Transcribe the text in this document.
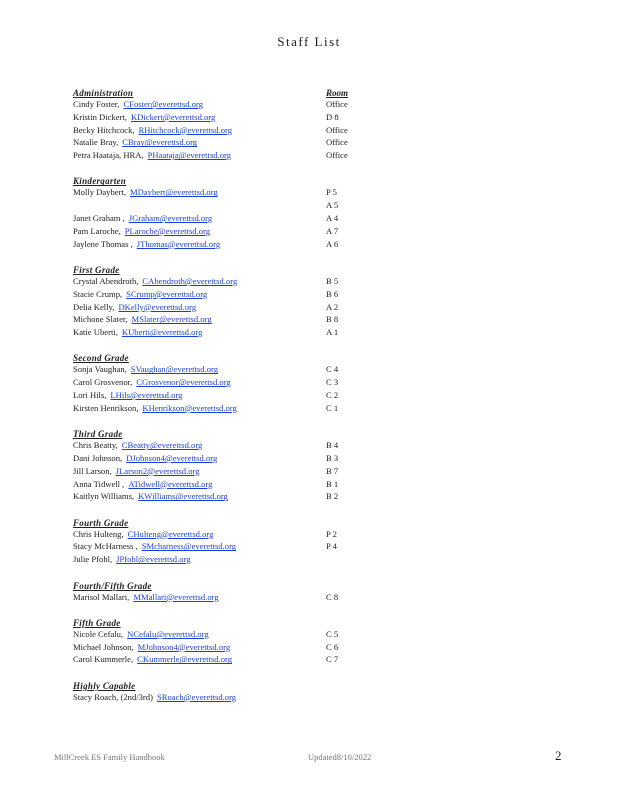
Staff List
Room
Administration
Cindy Foster, CFoster@everettsd.org	Office
Kristin Dickert, KDickert@everettsd.org	D 8
Becky Hitchcock, RHitchcock@everettsd.org	Office
Natalie Bray, CBray@everettsd.org	Office
Petra Haataja, HRA, PHaataja@everettsd.org	Office
Kindergarten
Molly Daybert, MDaybert@everettsd.org	P 5
A 5
Janet Graham , JGraham@everettsd.org	A 4
Pam Laroche, PLaroche@everettsd.org	A 7
Jaylene Thomas , JThomas@everettsd.org	A 6
First Grade
Crystal Abendroth, CAbendroth@everettsd.org	B 5
Stacie Crump, SCrump@everettsd.org	B 6
Delia Kelly, DKelly@everettsd.org	A 2
Michone Slater, MSlater@everettsd.org	B 8
Katie Uberti, KUberti@everettsd.org	A 1
Second Grade
Sonja Vaughan, SVaughan@everettsd.org	C 4
Carol Grosvenor, CGrosvenor@everettsd.org	C 3
Lori Hils, LHils@everettsd.org	C 2
Kirsten Henrikson, KHenrikson@everettsd.org	C 1
Third Grade
Chris Beatty, CBeatty@everettsd.org	B 4
Dani Johnson, DJohnson4@everettsd.org	B 3
Jill Larson, JLarson2@everettsd.org	B 7
Anna Tidwell , ATidwell@everettsd.org	B 1
Kaitlyn Williams, KWilliams@everettsd.org	B 2
Fourth Grade
Chris Hulteng, CHulteng@everettsd.org	P 2
Stacy McHarness , SMcharness@everettsd.org	P 4
Julie Pfohl, JPfohl@everettsd.org
Fourth/Fifth Grade
Marisol Mallari, MMallari@everettsd.org	C 8
Fifth Grade
Nicole Cefalu, NCefalu@everettsd.org	C 5
Michael Johnson, MJohnson4@everettsd.org	C 6
Carol Kummerle, CKummerle@everettsd.org	C 7
Highly Capable
Stacy Roach, (2nd/3rd) SRoach@everettsd.org
MillCreek ES Family Handbook	Updated8/10/2022	2
